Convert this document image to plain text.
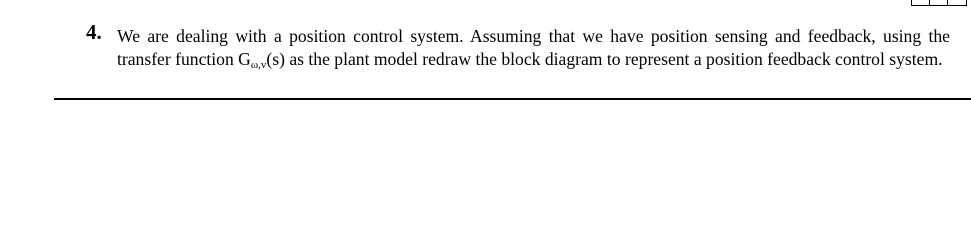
4. We are dealing with a position control system. Assuming that we have position sensing and feedback, using the transfer function $G_{\omega,v}(s)$ as the plant model redraw the block diagram to represent a position feedback control system.
